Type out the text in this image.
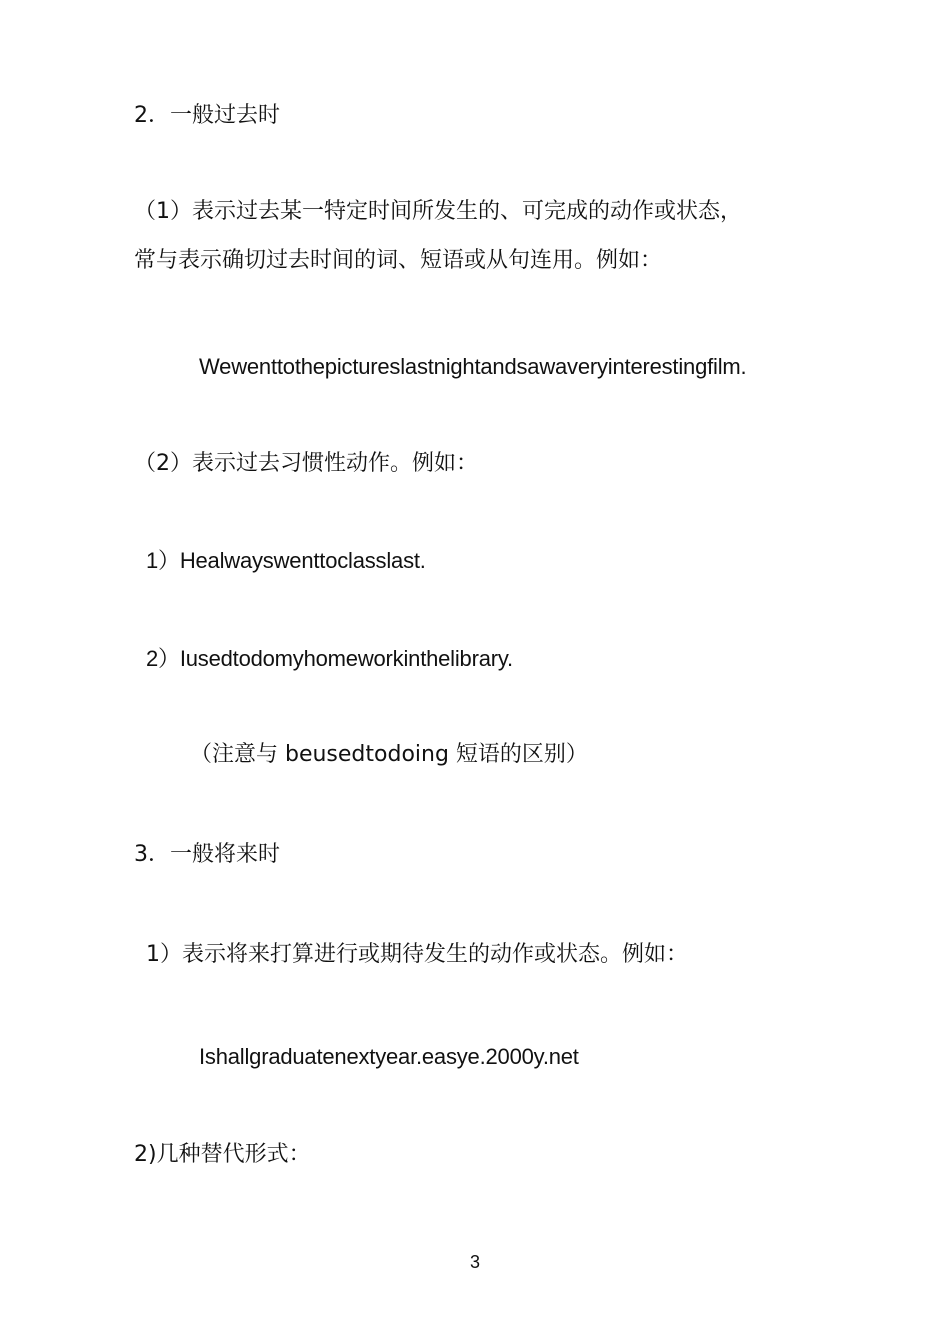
2．一般过去时
（1）表示过去某一特定时间所发生的、可完成的动作或状态，
常与表示确切过去时间的词、短语或从句连用。例如：
Wewenttothepictureslastnightandsawaveryinterestingfilm.
（2）表示过去习惯性动作。例如：
1）Healwayswenttoclasslast.
2）Iusedtodomyhomeworkinthelibrary.
（注意与 beusedtodoing 短语的区别）
3．一般将来时
1）表示将来打算进行或期待发生的动作或状态。例如：
Ishallgraduatenextyear.easye.2000y.net
2)几种替代形式：
3
